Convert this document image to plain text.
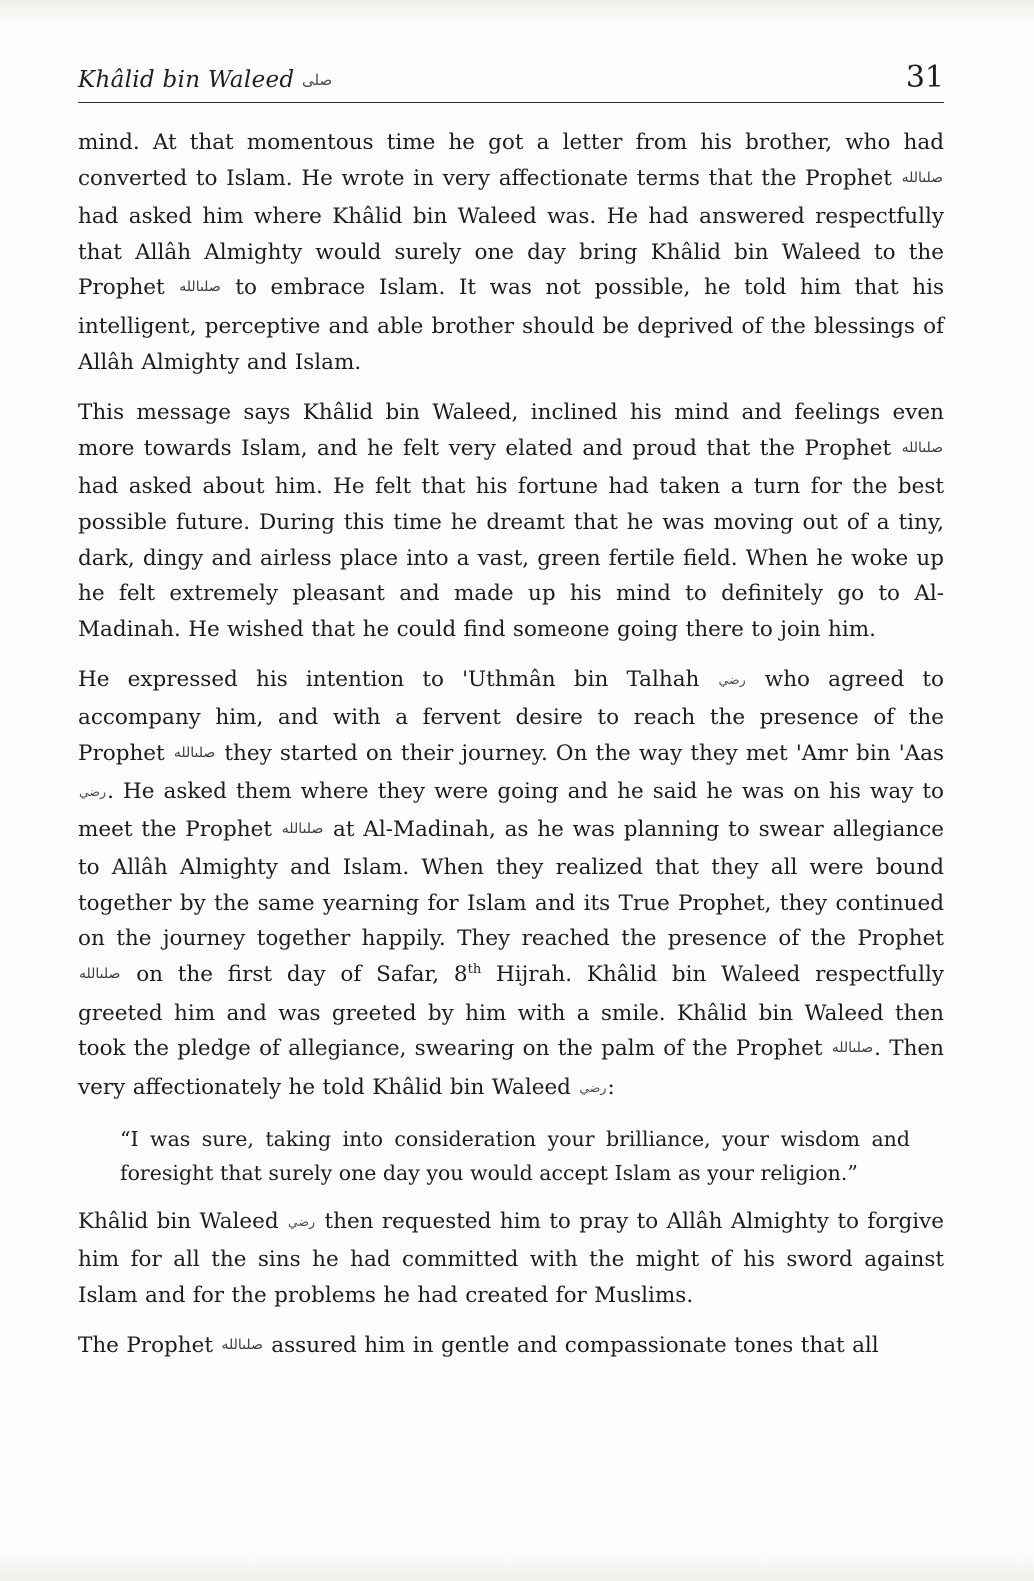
Khâlid bin Waleed صلى	31

mind. At that momentous time he got a letter from his brother, who had converted to Islam. He wrote in very affectionate terms that the Prophet صلىالله had asked him where Khâlid bin Waleed was. He had answered respectfully that Allâh Almighty would surely one day bring Khâlid bin Waleed to the Prophet صلىالله to embrace Islam. It was not possible, he told him that his intelligent, perceptive and able brother should be deprived of the blessings of Allâh Almighty and Islam.

This message says Khâlid bin Waleed, inclined his mind and feelings even more towards Islam, and he felt very elated and proud that the Prophet صلىالله had asked about him. He felt that his fortune had taken a turn for the best possible future. During this time he dreamt that he was moving out of a tiny, dark, dingy and airless place into a vast, green fertile field. When he woke up he felt extremely pleasant and made up his mind to definitely go to Al-Madinah. He wished that he could find someone going there to join him.

He expressed his intention to 'Uthmân bin Talhah رضي who agreed to accompany him, and with a fervent desire to reach the presence of the Prophet صلىالله they started on their journey. On the way they met 'Amr bin 'Aas رضي. He asked them where they were going and he said he was on his way to meet the Prophet صلىالله at Al-Madinah, as he was planning to swear allegiance to Allâh Almighty and Islam. When they realized that they all were bound together by the same yearning for Islam and its True Prophet, they continued on the journey together happily. They reached the presence of the Prophet صلىالله on the first day of Safar, 8th Hijrah. Khâlid bin Waleed respectfully greeted him and was greeted by him with a smile. Khâlid bin Waleed then took the pledge of allegiance, swearing on the palm of the Prophet صلىالله. Then very affectionately he told Khâlid bin Waleed رضي:

“I was sure, taking into consideration your brilliance, your wisdom and foresight that surely one day you would accept Islam as your religion.”

Khâlid bin Waleed رضي then requested him to pray to Allâh Almighty to forgive him for all the sins he had committed with the might of his sword against Islam and for the problems he had created for Muslims.

The Prophet صلىالله assured him in gentle and compassionate tones that all
